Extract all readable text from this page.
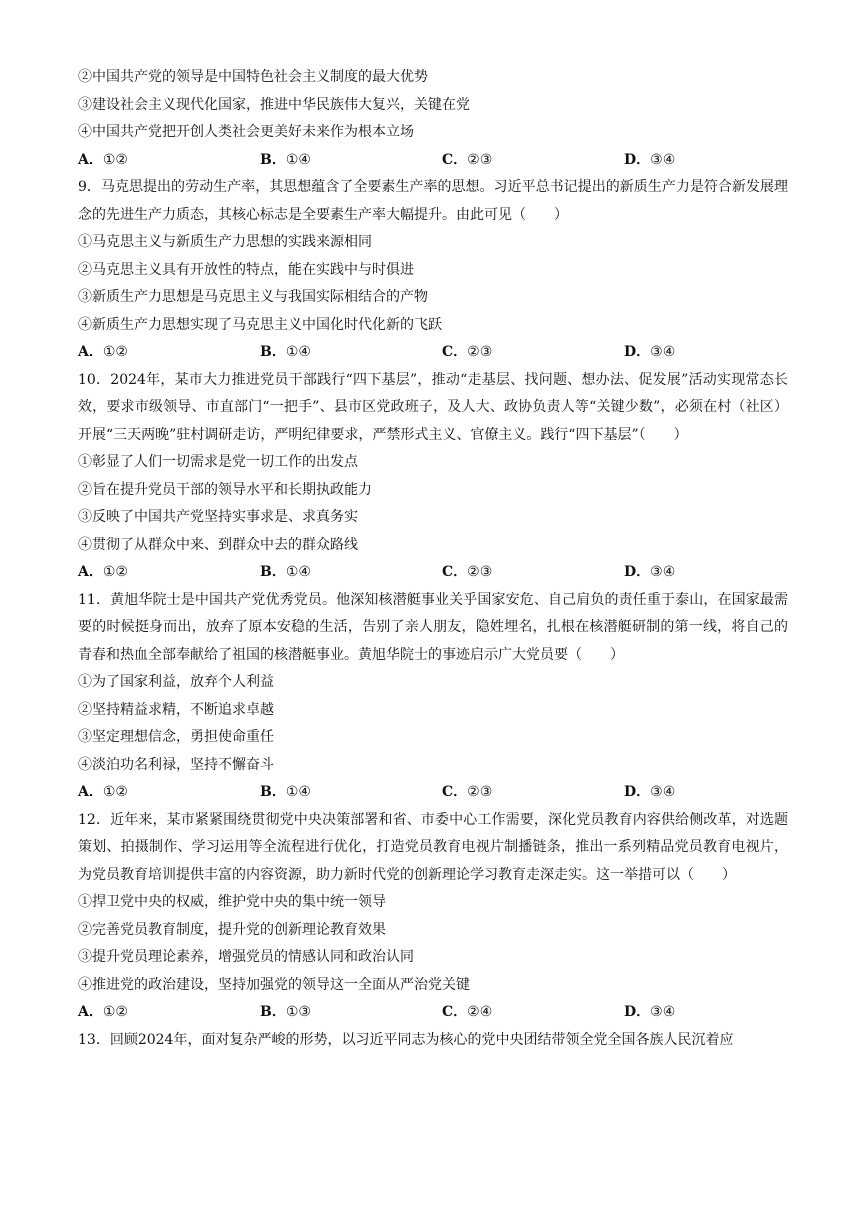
②中国共产党的领导是中国特色社会主义制度的最大优势
③建设社会主义现代化国家，推进中华民族伟大复兴，关键在党
④中国共产党把开创人类社会更美好未来作为根本立场
A．①②	B．①④	C．②③	D．③④
9．马克思提出的劳动生产率，其思想蕴含了全要素生产率的思想。习近平总书记提出的新质生产力是符合新发展理念的先进生产力质态，其核心标志是全要素生产率大幅提升。由此可见（　　）
①马克思主义与新质生产力思想的实践来源相同
②马克思主义具有开放性的特点，能在实践中与时俱进
③新质生产力思想是马克思主义与我国实际相结合的产物
④新质生产力思想实现了马克思主义中国化时代化新的飞跃
A．①②	B．①④	C．②③	D．③④
10．2024年，某市大力推进党员干部践行“四下基层”，推动“走基层、找问题、想办法、促发展”活动实现常态长效，要求市级领导、市直部门“一把手”、县市区党政班子，及人大、政协负责人等“关键少数”，必须在村（社区）开展“三天两晚”驻村调研走访，严明纪律要求，严禁形式主义、官僚主义。践行“四下基层”（　　）
①彰显了人们一切需求是党一切工作的出发点
②旨在提升党员干部的领导水平和长期执政能力
③反映了中国共产党坚持实事求是、求真务实
④贯彻了从群众中来、到群众中去的群众路线
A．①②	B．①④	C．②③	D．③④
11．黄旭华院士是中国共产党优秀党员。他深知核潜艇事业关乎国家安危、自己肩负的责任重于泰山，在国家最需要的时候挺身而出，放弃了原本安稳的生活，告别了亲人朋友，隐姓埋名，扎根在核潜艇研制的第一线，将自己的青春和热血全部奉献给了祖国的核潜艇事业。黄旭华院士的事迹启示广大党员要（　　）
①为了国家利益，放弃个人利益
②坚持精益求精，不断追求卓越
③坚定理想信念，勇担使命重任
④淡泊功名利禄，坚持不懈奋斗
A．①②	B．①④	C．②③	D．③④
12．近年来，某市紧紧围绕贯彻党中央决策部署和省、市委中心工作需要，深化党员教育内容供给侧改革，对选题策划、拍摄制作、学习运用等全流程进行优化，打造党员教育电视片制播链条，推出一系列精品党员教育电视片，为党员教育培训提供丰富的内容资源，助力新时代党的创新理论学习教育走深走实。这一举措可以（　　）
①捍卫党中央的权威，维护党中央的集中统一领导
②完善党员教育制度，提升党的创新理论教育效果
③提升党员理论素养，增强党员的情感认同和政治认同
④推进党的政治建设，坚持加强党的领导这一全面从严治党关键
A．①②	B．①③	C．②④	D．③④
13．回顾2024年，面对复杂严峻的形势，以习近平同志为核心的党中央团结带领全党全国各族人民沉着应
